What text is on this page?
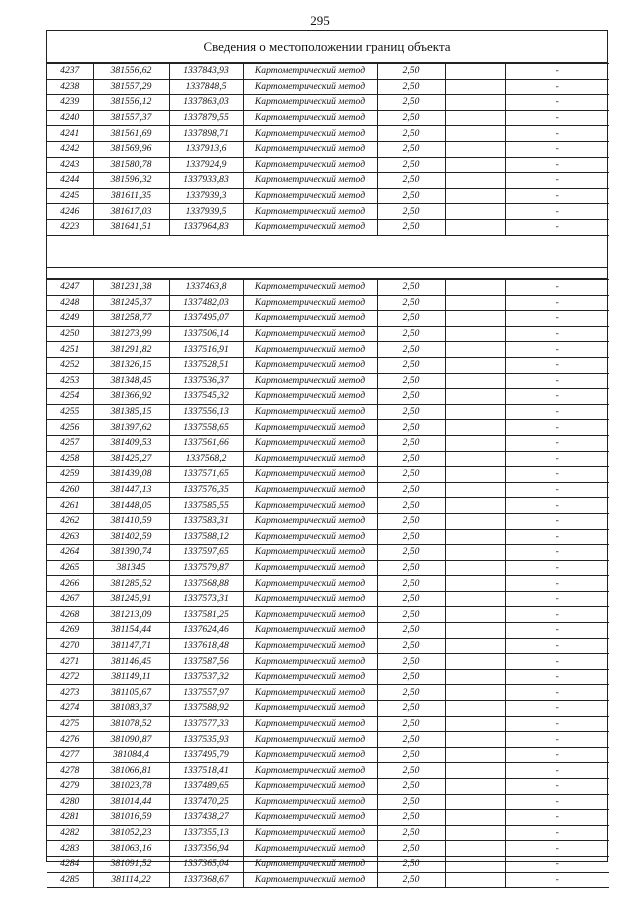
295
Сведения о местоположении границ объекта
4237	381556,62	1337843,93	Картометрический метод	2,50		-
4238	381557,29	1337848,5	Картометрический метод	2,50		-
4239	381556,12	1337863,03	Картометрический метод	2,50		-
4240	381557,37	1337879,55	Картометрический метод	2,50		-
4241	381561,69	1337898,71	Картометрический метод	2,50		-
4242	381569,96	1337913,6	Картометрический метод	2,50		-
4243	381580,78	1337924,9	Картометрический метод	2,50		-
4244	381596,32	1337933,83	Картометрический метод	2,50		-
4245	381611,35	1337939,3	Картометрический метод	2,50		-
4246	381617,03	1337939,5	Картометрический метод	2,50		-
4223	381641,51	1337964,83	Картометрический метод	2,50		-
4247	381231,38	1337463,8	Картометрический метод	2,50		-
4248	381245,37	1337482,03	Картометрический метод	2,50		-
4249	381258,77	1337495,07	Картометрический метод	2,50		-
4250	381273,99	1337506,14	Картометрический метод	2,50		-
4251	381291,82	1337516,91	Картометрический метод	2,50		-
4252	381326,15	1337528,51	Картометрический метод	2,50		-
4253	381348,45	1337536,37	Картометрический метод	2,50		-
4254	381366,92	1337545,32	Картометрический метод	2,50		-
4255	381385,15	1337556,13	Картометрический метод	2,50		-
4256	381397,62	1337558,65	Картометрический метод	2,50		-
4257	381409,53	1337561,66	Картометрический метод	2,50		-
4258	381425,27	1337568,2	Картометрический метод	2,50		-
4259	381439,08	1337571,65	Картометрический метод	2,50		-
4260	381447,13	1337576,35	Картометрический метод	2,50		-
4261	381448,05	1337585,55	Картометрический метод	2,50		-
4262	381410,59	1337583,31	Картометрический метод	2,50		-
4263	381402,59	1337588,12	Картометрический метод	2,50		-
4264	381390,74	1337597,65	Картометрический метод	2,50		-
4265	381345	1337579,87	Картометрический метод	2,50		-
4266	381285,52	1337568,88	Картометрический метод	2,50		-
4267	381245,91	1337573,31	Картометрический метод	2,50		-
4268	381213,09	1337581,25	Картометрический метод	2,50		-
4269	381154,44	1337624,46	Картометрический метод	2,50		-
4270	381147,71	1337618,48	Картометрический метод	2,50		-
4271	381146,45	1337587,56	Картометрический метод	2,50		-
4272	381149,11	1337537,32	Картометрический метод	2,50		-
4273	381105,67	1337557,97	Картометрический метод	2,50		-
4274	381083,37	1337588,92	Картометрический метод	2,50		-
4275	381078,52	1337577,33	Картометрический метод	2,50		-
4276	381090,87	1337535,93	Картометрический метод	2,50		-
4277	381084,4	1337495,79	Картометрический метод	2,50		-
4278	381066,81	1337518,41	Картометрический метод	2,50		-
4279	381023,78	1337489,65	Картометрический метод	2,50		-
4280	381014,44	1337470,25	Картометрический метод	2,50		-
4281	381016,59	1337438,27	Картометрический метод	2,50		-
4282	381052,23	1337355,13	Картометрический метод	2,50		-
4283	381063,16	1337356,94	Картометрический метод	2,50		-
4284	381091,52	1337365,04	Картометрический метод	2,50		-
4285	381114,22	1337368,67	Картометрический метод	2,50		-
